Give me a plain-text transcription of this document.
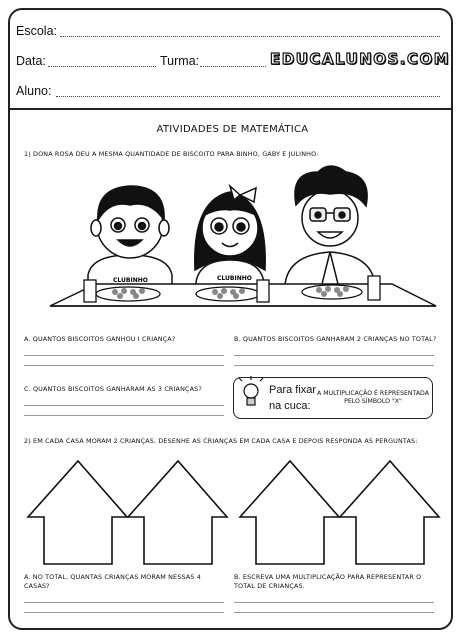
Escola:
Data:	Turma:	EDUCALUNOS.COM
Aluno:
ATIVIDADES DE MATEMÁTICA
1) DONA ROSA DEU A MESMA QUANTIDADE DE BISCOITO PARA BINHO, GABY E JULINHO:
CLUBINHO	CLUBINHO
A. QUANTOS BISCOITOS GANHOU I CRIANÇA?	B. QUANTOS BISCOITOS GANHARAM 2 CRIANÇAS NO TOTAL?
C. QUANTOS BISCOITOS GANHARAM AS 3 CRIANÇAS?	Para fixar
na cuca:
A MULTIPLICAÇÃO É REPRESENTADA PELO SÍMBOLO "X"
2) EM CADA CASA MORAM 2 CRIANÇAS. DESENHE AS CRIANÇAS EM CADA CASA E DEPOIS RESPONDA AS PERGUNTAS:
A. NO TOTAL, QUANTAS CRIANÇAS MORAM NESSAS 4 CASAS?
B. ESCREVA UMA MULTIPLICAÇÃO PARA REPRESENTAR O TOTAL DE CRIANÇAS.
